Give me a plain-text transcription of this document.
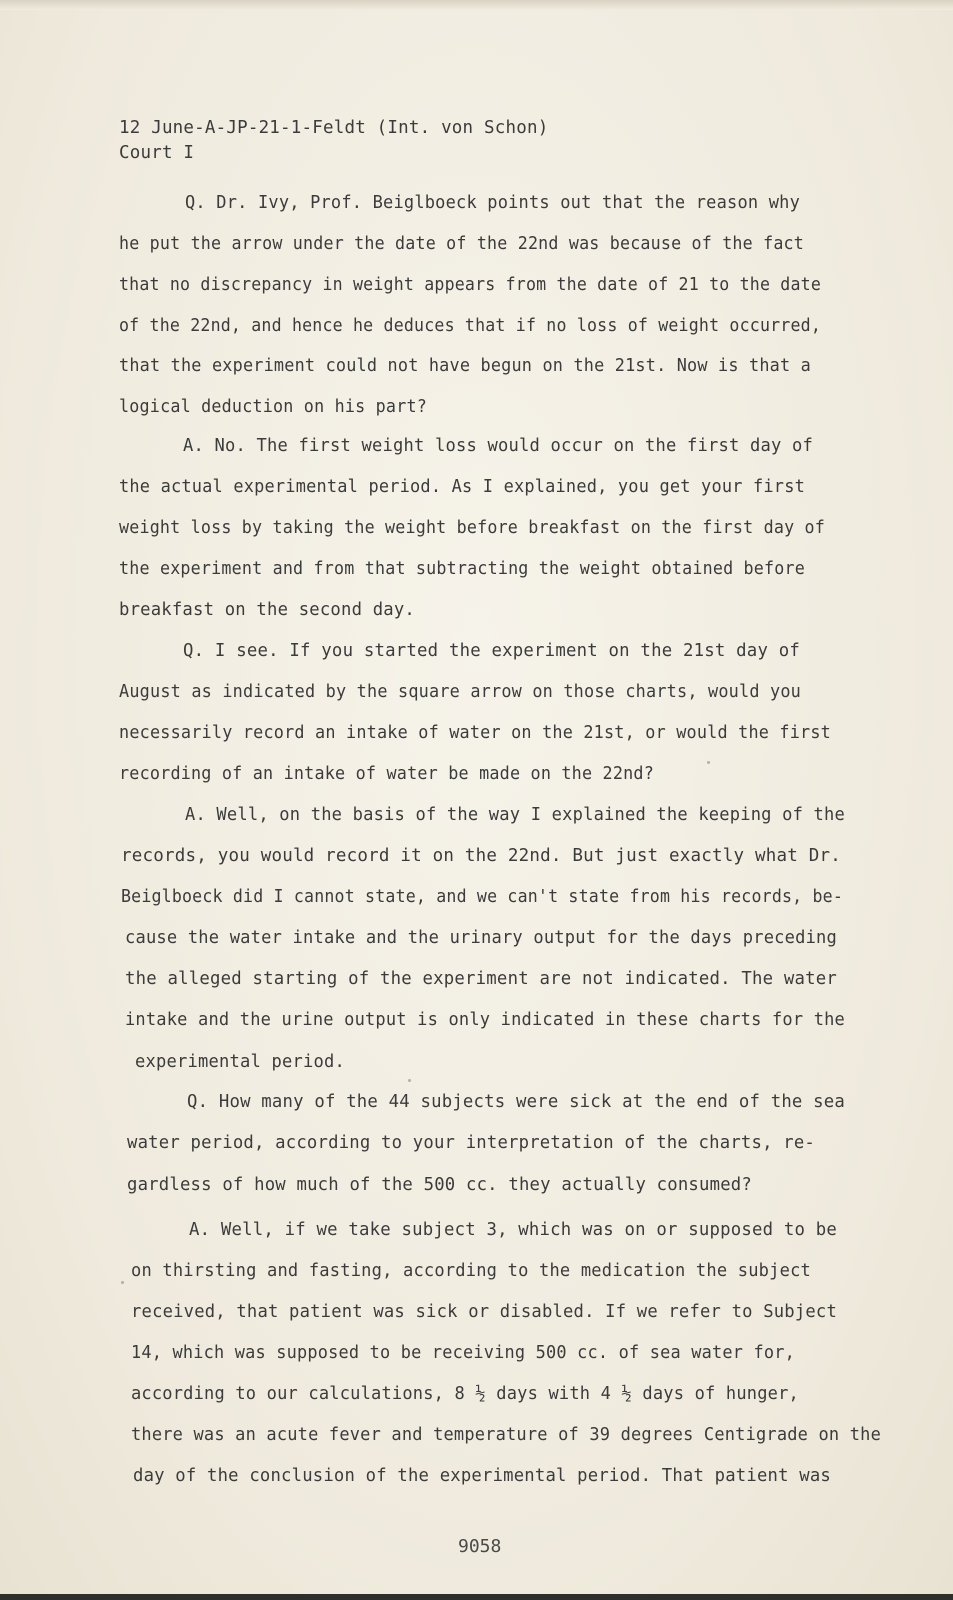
12 June-A-JP-21-1-Feldt (Int. von Schon)
Court I
Q. Dr. Ivy, Prof. Beiglboeck points out that the reason why
he put the arrow under the date of the 22nd was because of the fact
that no discrepancy in weight appears from the date of 21 to the date
of the 22nd, and hence he deduces that if no loss of weight occurred,
that the experiment could not have begun on the 21st. Now is that a
logical deduction on his part?
A. No. The first weight loss would occur on the first day of
the actual experimental period. As I explained, you get your first
weight loss by taking the weight before breakfast on the first day of
the experiment and from that subtracting the weight obtained before
breakfast on the second day.
Q. I see. If you started the experiment on the 21st day of
August as indicated by the square arrow on those charts, would you
necessarily record an intake of water on the 21st, or would the first
recording of an intake of water be made on the 22nd?
A. Well, on the basis of the way I explained the keeping of the
records, you would record it on the 22nd. But just exactly what Dr.
Beiglboeck did I cannot state, and we can't state from his records, be-
cause the water intake and the urinary output for the days preceding
the alleged starting of the experiment are not indicated. The water
intake and the urine output is only indicated in these charts for the
experimental period.
Q. How many of the 44 subjects were sick at the end of the sea
water period, according to your interpretation of the charts, re-
gardless of how much of the 500 cc. they actually consumed?
A. Well, if we take subject 3, which was on or supposed to be
on thirsting and fasting, according to the medication the subject
received, that patient was sick or disabled. If we refer to Subject
14, which was supposed to be receiving 500 cc. of sea water for,
according to our calculations, 8 ½ days with 4 ½ days of hunger,
there was an acute fever and temperature of 39 degrees Centigrade on the
day of the conclusion of the experimental period. That patient was
9058
